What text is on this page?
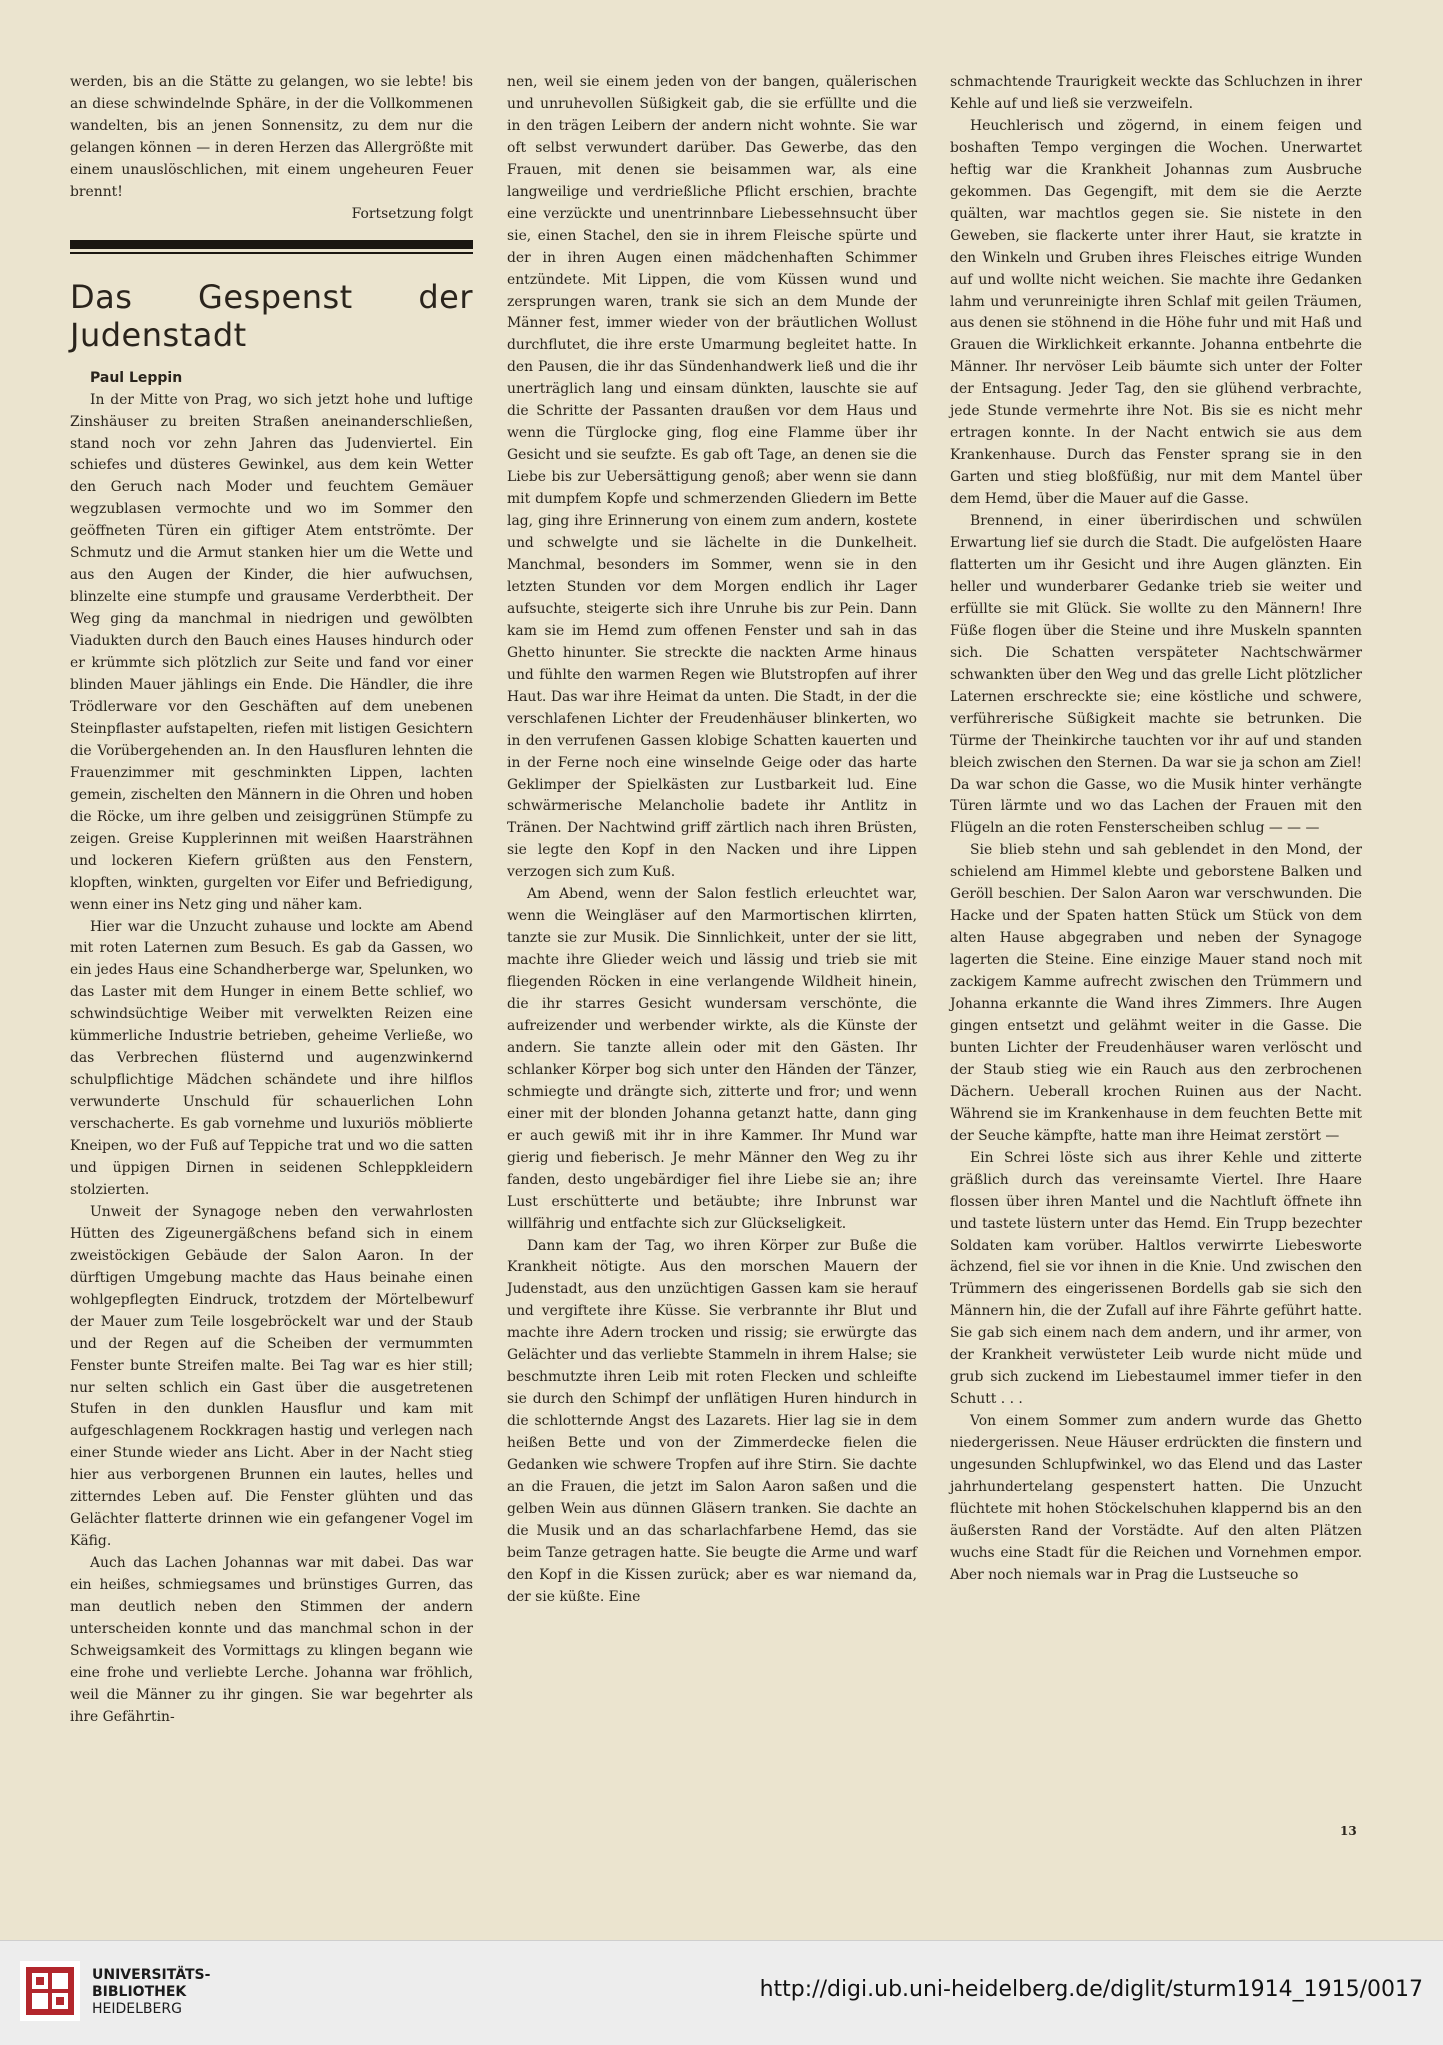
werden, bis an die Stätte zu gelangen, wo sie lebte! bis an diese schwindelnde Sphäre, in der die Vollkommenen wandelten, bis an jenen Sonnensitz, zu dem nur die gelangen können — in deren Herzen das Allergrößte mit einem unauslöschlichen, mit einem ungeheuren Feuer brennt!

Fortsetzung folgt

Das Gespenst der Judenstadt

Paul Leppin

In der Mitte von Prag, wo sich jetzt hohe und luftige Zinshäuser zu breiten Straßen aneinanderschließen, stand noch vor zehn Jahren das Judenviertel. Ein schiefes und düsteres Gewinkel, aus dem kein Wetter den Geruch nach Moder und feuchtem Gemäuer wegzublasen vermochte und wo im Sommer den geöffneten Türen ein giftiger Atem entströmte. Der Schmutz und die Armut stanken hier um die Wette und aus den Augen der Kinder, die hier aufwuchsen, blinzelte eine stumpfe und grausame Verderbtheit. Der Weg ging da manchmal in niedrigen und gewölbten Viadukten durch den Bauch eines Hauses hindurch oder er krümmte sich plötzlich zur Seite und fand vor einer blinden Mauer jählings ein Ende. Die Händler, die ihre Trödlerware vor den Geschäften auf dem unebenen Steinpflaster aufstapelten, riefen mit listigen Gesichtern die Vorübergehenden an. In den Hausfluren lehnten die Frauenzimmer mit geschminkten Lippen, lachten gemein, zischelten den Männern in die Ohren und hoben die Röcke, um ihre gelben und zeisiggrünen Stümpfe zu zeigen. Greise Kupplerinnen mit weißen Haarsträhnen und lockeren Kiefern grüßten aus den Fenstern, klopften, winkten, gurgelten vor Eifer und Befriedigung, wenn einer ins Netz ging und näher kam.

Hier war die Unzucht zuhause und lockte am Abend mit roten Laternen zum Besuch. Es gab da Gassen, wo ein jedes Haus eine Schandherberge war, Spelunken, wo das Laster mit dem Hunger in einem Bette schlief, wo schwindsüchtige Weiber mit verwelkten Reizen eine kümmerliche Industrie betrieben, geheime Verließe, wo das Verbrechen flüsternd und augenzwinkernd schulpflichtige Mädchen schändete und ihre hilflos verwunderte Unschuld für schauerlichen Lohn verschacherte. Es gab vornehme und luxuriös möblierte Kneipen, wo der Fuß auf Teppiche trat und wo die satten und üppigen Dirnen in seidenen Schleppkleidern stolzierten.

Unweit der Synagoge neben den verwahrlosten Hütten des Zigeunergäßchens befand sich in einem zweistöckigen Gebäude der Salon Aaron. In der dürftigen Umgebung machte das Haus beinahe einen wohlgepflegten Eindruck, trotzdem der Mörtelbewurf der Mauer zum Teile losgebröckelt war und der Staub und der Regen auf die Scheiben der vermummten Fenster bunte Streifen malte. Bei Tag war es hier still; nur selten schlich ein Gast über die ausgetretenen Stufen in den dunklen Hausflur und kam mit aufgeschlagenem Rockkragen hastig und verlegen nach einer Stunde wieder ans Licht. Aber in der Nacht stieg hier aus verborgenen Brunnen ein lautes, helles und zitterndes Leben auf. Die Fenster glühten und das Gelächter flatterte drinnen wie ein gefangener Vogel im Käfig.

Auch das Lachen Johannas war mit dabei. Das war ein heißes, schmiegsames und brünstiges Gurren, das man deutlich neben den Stimmen der andern unterscheiden konnte und das manchmal schon in der Schweigsamkeit des Vormittags zu klingen begann wie eine frohe und verliebte Lerche. Johanna war fröhlich, weil die Männer zu ihr gingen. Sie war begehrter als ihre Gefährtin-

nen, weil sie einem jeden von der bangen, quälerischen und unruhevollen Süßigkeit gab, die sie erfüllte und die in den trägen Leibern der andern nicht wohnte. Sie war oft selbst verwundert darüber. Das Gewerbe, das den Frauen, mit denen sie beisammen war, als eine langweilige und verdrießliche Pflicht erschien, brachte eine verzückte und unentrinnbare Liebessehnsucht über sie, einen Stachel, den sie in ihrem Fleische spürte und der in ihren Augen einen mädchenhaften Schimmer entzündete. Mit Lippen, die vom Küssen wund und zersprungen waren, trank sie sich an dem Munde der Männer fest, immer wieder von der bräutlichen Wollust durchflutet, die ihre erste Umarmung begleitet hatte. In den Pausen, die ihr das Sündenhandwerk ließ und die ihr unerträglich lang und einsam dünkten, lauschte sie auf die Schritte der Passanten draußen vor dem Haus und wenn die Türglocke ging, flog eine Flamme über ihr Gesicht und sie seufzte. Es gab oft Tage, an denen sie die Liebe bis zur Uebersättigung genoß; aber wenn sie dann mit dumpfem Kopfe und schmerzenden Gliedern im Bette lag, ging ihre Erinnerung von einem zum andern, kostete und schwelgte und sie lächelte in die Dunkelheit. Manchmal, besonders im Sommer, wenn sie in den letzten Stunden vor dem Morgen endlich ihr Lager aufsuchte, steigerte sich ihre Unruhe bis zur Pein. Dann kam sie im Hemd zum offenen Fenster und sah in das Ghetto hinunter. Sie streckte die nackten Arme hinaus und fühlte den warmen Regen wie Blutstropfen auf ihrer Haut. Das war ihre Heimat da unten. Die Stadt, in der die verschlafenen Lichter der Freudenhäuser blinkerten, wo in den verrufenen Gassen klobige Schatten kauerten und in der Ferne noch eine winselnde Geige oder das harte Geklimper der Spielkästen zur Lustbarkeit lud. Eine schwärmerische Melancholie badete ihr Antlitz in Tränen. Der Nachtwind griff zärtlich nach ihren Brüsten, sie legte den Kopf in den Nacken und ihre Lippen verzogen sich zum Kuß.

Am Abend, wenn der Salon festlich erleuchtet war, wenn die Weingläser auf den Marmortischen klirrten, tanzte sie zur Musik. Die Sinnlichkeit, unter der sie litt, machte ihre Glieder weich und lässig und trieb sie mit fliegenden Röcken in eine verlangende Wildheit hinein, die ihr starres Gesicht wundersam verschönte, die aufreizender und werbender wirkte, als die Künste der andern. Sie tanzte allein oder mit den Gästen. Ihr schlanker Körper bog sich unter den Händen der Tänzer, schmiegte und drängte sich, zitterte und fror; und wenn einer mit der blonden Johanna getanzt hatte, dann ging er auch gewiß mit ihr in ihre Kammer. Ihr Mund war gierig und fieberisch. Je mehr Männer den Weg zu ihr fanden, desto ungebärdiger fiel ihre Liebe sie an; ihre Lust erschütterte und betäubte; ihre Inbrunst war willfährig und entfachte sich zur Glückseligkeit.

Dann kam der Tag, wo ihren Körper zur Buße die Krankheit nötigte. Aus den morschen Mauern der Judenstadt, aus den unzüchtigen Gassen kam sie herauf und vergiftete ihre Küsse. Sie verbrannte ihr Blut und machte ihre Adern trocken und rissig; sie erwürgte das Gelächter und das verliebte Stammeln in ihrem Halse; sie beschmutzte ihren Leib mit roten Flecken und schleifte sie durch den Schimpf der unflätigen Huren hindurch in die schlotternde Angst des Lazarets. Hier lag sie in dem heißen Bette und von der Zimmerdecke fielen die Gedanken wie schwere Tropfen auf ihre Stirn. Sie dachte an die Frauen, die jetzt im Salon Aaron saßen und die gelben Wein aus dünnen Gläsern tranken. Sie dachte an die Musik und an das scharlachfarbene Hemd, das sie beim Tanze getragen hatte. Sie beugte die Arme und warf den Kopf in die Kissen zurück; aber es war niemand da, der sie küßte. Eine

schmachtende Traurigkeit weckte das Schluchzen in ihrer Kehle auf und ließ sie verzweifeln.

Heuchlerisch und zögernd, in einem feigen und boshaften Tempo vergingen die Wochen. Unerwartet heftig war die Krankheit Johannas zum Ausbruche gekommen. Das Gegengift, mit dem sie die Aerzte quälten, war machtlos gegen sie. Sie nistete in den Geweben, sie flackerte unter ihrer Haut, sie kratzte in den Winkeln und Gruben ihres Fleisches eitrige Wunden auf und wollte nicht weichen. Sie machte ihre Gedanken lahm und verunreinigte ihren Schlaf mit geilen Träumen, aus denen sie stöhnend in die Höhe fuhr und mit Haß und Grauen die Wirklichkeit erkannte. Johanna entbehrte die Männer. Ihr nervöser Leib bäumte sich unter der Folter der Entsagung. Jeder Tag, den sie glühend verbrachte, jede Stunde vermehrte ihre Not. Bis sie es nicht mehr ertragen konnte. In der Nacht entwich sie aus dem Krankenhause. Durch das Fenster sprang sie in den Garten und stieg bloßfüßig, nur mit dem Mantel über dem Hemd, über die Mauer auf die Gasse.

Brennend, in einer überirdischen und schwülen Erwartung lief sie durch die Stadt. Die aufgelösten Haare flatterten um ihr Gesicht und ihre Augen glänzten. Ein heller und wunderbarer Gedanke trieb sie weiter und erfüllte sie mit Glück. Sie wollte zu den Männern! Ihre Füße flogen über die Steine und ihre Muskeln spannten sich. Die Schatten verspäteter Nachtschwärmer schwankten über den Weg und das grelle Licht plötzlicher Laternen erschreckte sie; eine köstliche und schwere, verführerische Süßigkeit machte sie betrunken. Die Türme der Theinkirche tauchten vor ihr auf und standen bleich zwischen den Sternen. Da war sie ja schon am Ziel! Da war schon die Gasse, wo die Musik hinter verhängte Türen lärmte und wo das Lachen der Frauen mit den Flügeln an die roten Fensterscheiben schlug — — —

Sie blieb stehn und sah geblendet in den Mond, der schielend am Himmel klebte und geborstene Balken und Geröll beschien. Der Salon Aaron war verschwunden. Die Hacke und der Spaten hatten Stück um Stück von dem alten Hause abgegraben und neben der Synagoge lagerten die Steine. Eine einzige Mauer stand noch mit zackigem Kamme aufrecht zwischen den Trümmern und Johanna erkannte die Wand ihres Zimmers. Ihre Augen gingen entsetzt und gelähmt weiter in die Gasse. Die bunten Lichter der Freudenhäuser waren verlöscht und der Staub stieg wie ein Rauch aus den zerbrochenen Dächern. Ueberall krochen Ruinen aus der Nacht. Während sie im Krankenhause in dem feuchten Bette mit der Seuche kämpfte, hatte man ihre Heimat zerstört —

Ein Schrei löste sich aus ihrer Kehle und zitterte gräßlich durch das vereinsamte Viertel. Ihre Haare flossen über ihren Mantel und die Nachtluft öffnete ihn und tastete lüstern unter das Hemd. Ein Trupp bezechter Soldaten kam vorüber. Haltlos verwirrte Liebesworte ächzend, fiel sie vor ihnen in die Knie. Und zwischen den Trümmern des eingerissenen Bordells gab sie sich den Männern hin, die der Zufall auf ihre Fährte geführt hatte. Sie gab sich einem nach dem andern, und ihr armer, von der Krankheit verwüsteter Leib wurde nicht müde und grub sich zuckend im Liebestaumel immer tiefer in den Schutt . . .

Von einem Sommer zum andern wurde das Ghetto niedergerissen. Neue Häuser erdrückten die finstern und ungesunden Schlupfwinkel, wo das Elend und das Laster jahrhundertelang gespenstert hatten. Die Unzucht flüchtete mit hohen Stöckelschuhen klappernd bis an den äußersten Rand der Vorstädte. Auf den alten Plätzen wuchs eine Stadt für die Reichen und Vornehmen empor. Aber noch niemals war in Prag die Lustseuche so

13
UNIVERSITÄTS-
BIBLIOTHEK
HEIDELBERG
http://digi.ub.uni-heidelberg.de/diglit/sturm1914_1915/0017
